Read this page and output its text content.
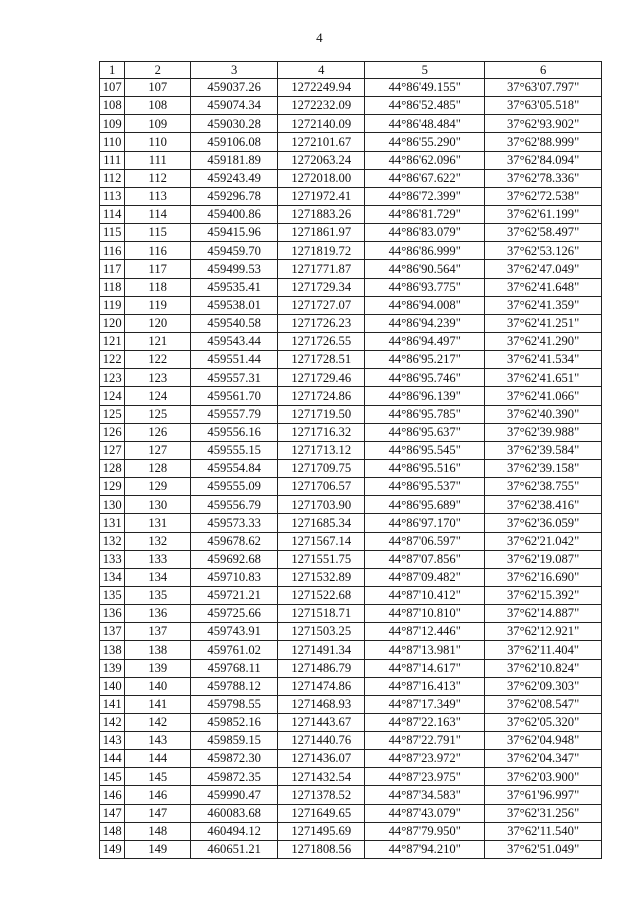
4
1	2	3	4	5	6
107	107	459037.26	1272249.94	44°86'49.155"	37°63'07.797"
108	108	459074.34	1272232.09	44°86'52.485"	37°63'05.518"
109	109	459030.28	1272140.09	44°86'48.484"	37°62'93.902"
110	110	459106.08	1272101.67	44°86'55.290"	37°62'88.999"
111	111	459181.89	1272063.24	44°86'62.096"	37°62'84.094"
112	112	459243.49	1272018.00	44°86'67.622"	37°62'78.336"
113	113	459296.78	1271972.41	44°86'72.399"	37°62'72.538"
114	114	459400.86	1271883.26	44°86'81.729"	37°62'61.199"
115	115	459415.96	1271861.97	44°86'83.079"	37°62'58.497"
116	116	459459.70	1271819.72	44°86'86.999"	37°62'53.126"
117	117	459499.53	1271771.87	44°86'90.564"	37°62'47.049"
118	118	459535.41	1271729.34	44°86'93.775"	37°62'41.648"
119	119	459538.01	1271727.07	44°86'94.008"	37°62'41.359"
120	120	459540.58	1271726.23	44°86'94.239"	37°62'41.251"
121	121	459543.44	1271726.55	44°86'94.497"	37°62'41.290"
122	122	459551.44	1271728.51	44°86'95.217"	37°62'41.534"
123	123	459557.31	1271729.46	44°86'95.746"	37°62'41.651"
124	124	459561.70	1271724.86	44°86'96.139"	37°62'41.066"
125	125	459557.79	1271719.50	44°86'95.785"	37°62'40.390"
126	126	459556.16	1271716.32	44°86'95.637"	37°62'39.988"
127	127	459555.15	1271713.12	44°86'95.545"	37°62'39.584"
128	128	459554.84	1271709.75	44°86'95.516"	37°62'39.158"
129	129	459555.09	1271706.57	44°86'95.537"	37°62'38.755"
130	130	459556.79	1271703.90	44°86'95.689"	37°62'38.416"
131	131	459573.33	1271685.34	44°86'97.170"	37°62'36.059"
132	132	459678.62	1271567.14	44°87'06.597"	37°62'21.042"
133	133	459692.68	1271551.75	44°87'07.856"	37°62'19.087"
134	134	459710.83	1271532.89	44°87'09.482"	37°62'16.690"
135	135	459721.21	1271522.68	44°87'10.412"	37°62'15.392"
136	136	459725.66	1271518.71	44°87'10.810"	37°62'14.887"
137	137	459743.91	1271503.25	44°87'12.446"	37°62'12.921"
138	138	459761.02	1271491.34	44°87'13.981"	37°62'11.404"
139	139	459768.11	1271486.79	44°87'14.617"	37°62'10.824"
140	140	459788.12	1271474.86	44°87'16.413"	37°62'09.303"
141	141	459798.55	1271468.93	44°87'17.349"	37°62'08.547"
142	142	459852.16	1271443.67	44°87'22.163"	37°62'05.320"
143	143	459859.15	1271440.76	44°87'22.791"	37°62'04.948"
144	144	459872.30	1271436.07	44°87'23.972"	37°62'04.347"
145	145	459872.35	1271432.54	44°87'23.975"	37°62'03.900"
146	146	459990.47	1271378.52	44°87'34.583"	37°61'96.997"
147	147	460083.68	1271649.65	44°87'43.079"	37°62'31.256"
148	148	460494.12	1271495.69	44°87'79.950"	37°62'11.540"
149	149	460651.21	1271808.56	44°87'94.210"	37°62'51.049"
